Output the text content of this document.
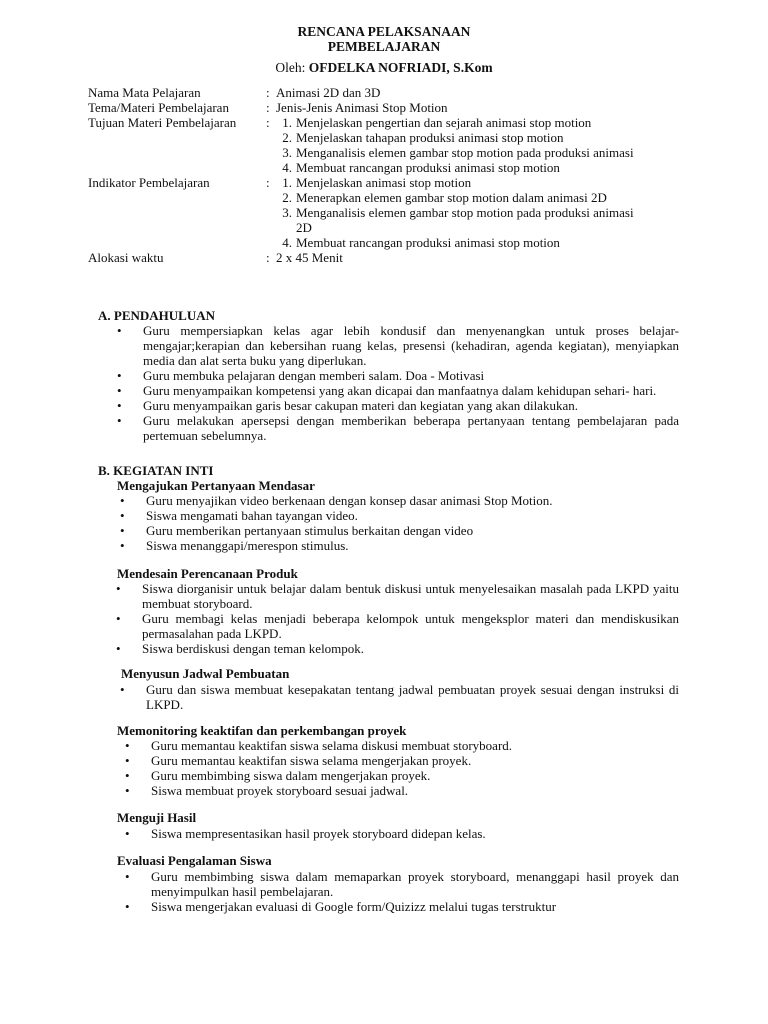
RENCANA PELAKSANAAN
PEMBELAJARAN
Oleh: OFDELKA NOFRIADI, S.Kom
Nama Mata Pelajaran	: Animasi 2D dan 3D
Tema/Materi Pembelajaran	: Jenis-Jenis Animasi Stop Motion
Tujuan Materi Pembelajaran	: 1. Menjelaskan pengertian dan sejarah animasi stop motion
2. Menjelaskan tahapan produksi animasi stop motion
3. Menganalisis elemen gambar stop motion pada produksi animasi
4. Membuat rancangan produksi animasi stop motion
Indikator Pembelajaran	: 1. Menjelaskan animasi stop motion
2. Menerapkan elemen gambar stop motion dalam animasi 2D
3. Menganalisis elemen gambar stop motion pada produksi animasi 2D
4. Membuat rancangan produksi animasi stop motion
Alokasi waktu	: 2 x 45 Menit
A. PENDAHULUAN
• Guru mempersiapkan kelas agar lebih kondusif dan menyenangkan untuk proses belajar-mengajar;kerapian dan kebersihan ruang kelas, presensi (kehadiran, agenda kegiatan), menyiapkan media dan alat serta buku yang diperlukan.
• Guru membuka pelajaran dengan memberi salam. Doa - Motivasi
• Guru menyampaikan kompetensi yang akan dicapai dan manfaatnya dalam kehidupan sehari- hari.
• Guru menyampaikan garis besar cakupan materi dan kegiatan yang akan dilakukan.
• Guru melakukan apersepsi dengan memberikan beberapa pertanyaan tentang pembelajaran pada pertemuan sebelumnya.
B. KEGIATAN INTI
Mengajukan Pertanyaan Mendasar
• Guru menyajikan video berkenaan dengan konsep dasar animasi Stop Motion.
• Siswa mengamati bahan tayangan video.
• Guru memberikan pertanyaan stimulus berkaitan dengan video
• Siswa menanggapi/merespon stimulus.
Mendesain Perencanaan Produk
• Siswa diorganisir untuk belajar dalam bentuk diskusi untuk menyelesaikan masalah pada LKPD yaitu membuat storyboard.
• Guru membagi kelas menjadi beberapa kelompok untuk mengeksplor materi dan mendiskusikan permasalahan pada LKPD.
• Siswa berdiskusi dengan teman kelompok.
Menyusun Jadwal Pembuatan
• Guru dan siswa membuat kesepakatan tentang jadwal pembuatan proyek sesuai dengan instruksi di LKPD.
Memonitoring keaktifan dan perkembangan proyek
• Guru memantau keaktifan siswa selama diskusi membuat storyboard.
• Guru memantau keaktifan siswa selama mengerjakan proyek.
• Guru membimbing siswa dalam mengerjakan proyek.
• Siswa membuat proyek storyboard sesuai jadwal.
Menguji Hasil
• Siswa mempresentasikan hasil proyek storyboard didepan kelas.
Evaluasi Pengalaman Siswa
• Guru membimbing siswa dalam memaparkan proyek storyboard, menanggapi hasil proyek dan menyimpulkan hasil pembelajaran.
• Siswa mengerjakan evaluasi di Google form/Quizizz melalui tugas terstruktur
